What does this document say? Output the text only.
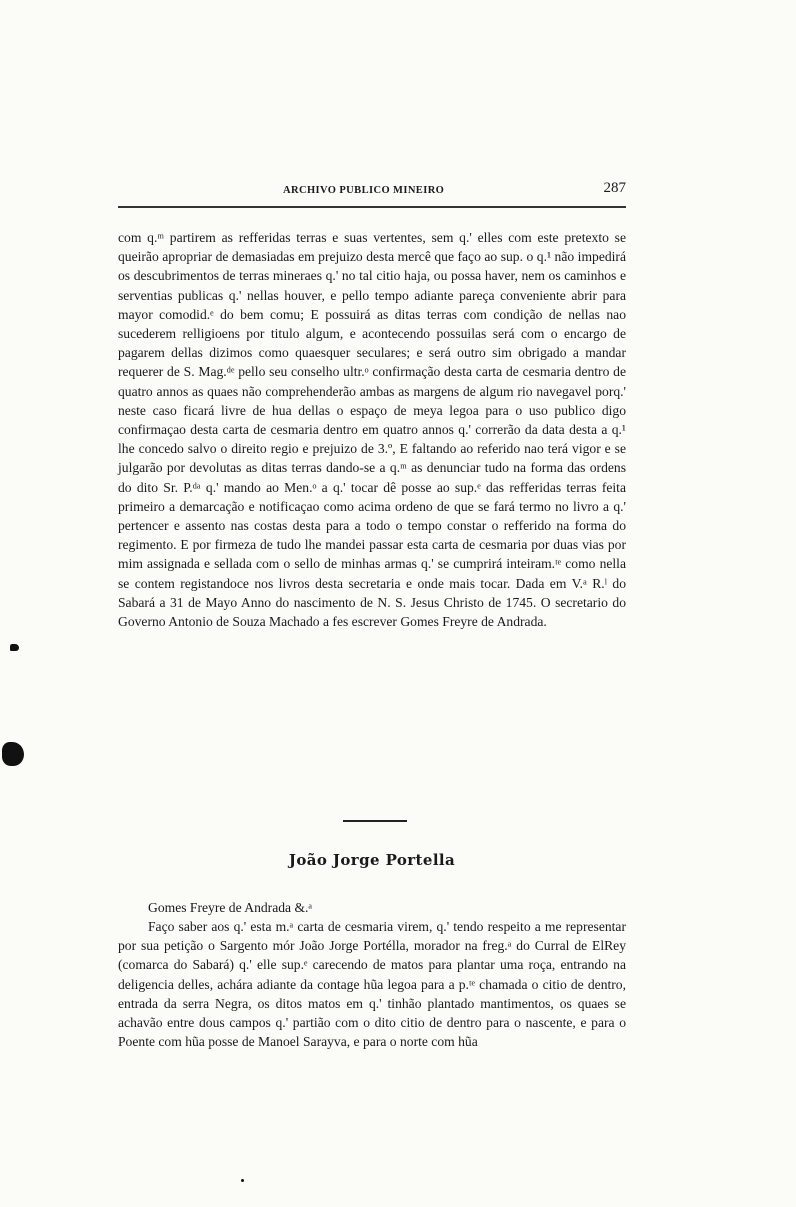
ARCHIVO PUBLICO MINEIRO	287

com q.ᵐ partirem as refferidas terras e suas vertentes, sem q.' elles com este pretexto se queirão apropriar de demasiadas em prejuizo desta mercê que faço ao sup. o q.¹ não impedirá os descubrimentos de terras mineraes q.' no tal citio haja, ou possa haver, nem os caminhos e serventias publicas q.' nellas houver, e pello tempo adiante pareça conveniente abrir para mayor comodid.ᵉ do bem comu; E possuirá as ditas terras com condição de nellas nao sucederem relligioens por titulo algum, e acontecendo possuilas será com o encargo de pagarem dellas dizimos como quaesquer seculares; e será outro sim obrigado a mandar requerer de S. Mag.ᵈᵉ pello seu conselho ultr.ᵒ confirmação desta carta de cesmaria dentro de quatro annos as quaes não comprehenderão ambas as margens de algum rio navegavel porq.' neste caso ficará livre de hua dellas o espaço de meya legoa para o uso publico digo confirmaçao desta carta de cesmaria dentro em quatro annos q.' correrão da data desta a q.¹ lhe concedo salvo o direito regio e prejuizo de 3.º, E faltando ao referido nao terá vigor e se julgarão por devolutas as ditas terras dando-se a q.ᵐ as denunciar tudo na forma das ordens do dito Sr. P.ᵈᵃ q.' mando ao Men.ᵒ a q.' tocar dê posse ao sup.ᵉ das refferidas terras feita primeiro a demarcação e notificaçao como acima ordeno de que se fará termo no livro a q.' pertencer e assento nas costas desta para a todo o tempo constar o refferido na forma do regimento. E por firmeza de tudo lhe mandei passar esta carta de cesmaria por duas vias por mim assignada e sellada com o sello de minhas armas q.' se cumprirá inteiram.ᵗᵉ como nella se contem registandoce nos livros desta secretaria e onde mais tocar. Dada em V.ᵃ R.ˡ do Sabará a 31 de Mayo Anno do nascimento de N. S. Jesus Christo de 1745. O secretario do Governo Antonio de Souza Machado a fes escrever Gomes Freyre de Andrada.

João Jorge Portella

Gomes Freyre de Andrada &.ᵃ

Faço saber aos q.' esta m.ᵃ carta de cesmaria virem, q.' tendo respeito a me representar por sua petição o Sargento mór João Jorge Portélla, morador na freg.ᵃ do Curral de ElRey (comarca do Sabará) q.' elle sup.ᵉ carecendo de matos para plantar uma roça, entrando na deligencia delles, achára adiante da contage hũa legoa para a p.ᵗᵉ chamada o citio de dentro, entrada da serra Negra, os ditos matos em q.' tinhão plantado mantimentos, os quaes se achavão entre dous campos q.' partião com o dito citio de dentro para o nascente, e para o Poente com hũa posse de Manoel Sarayva, e para o norte com hũa
